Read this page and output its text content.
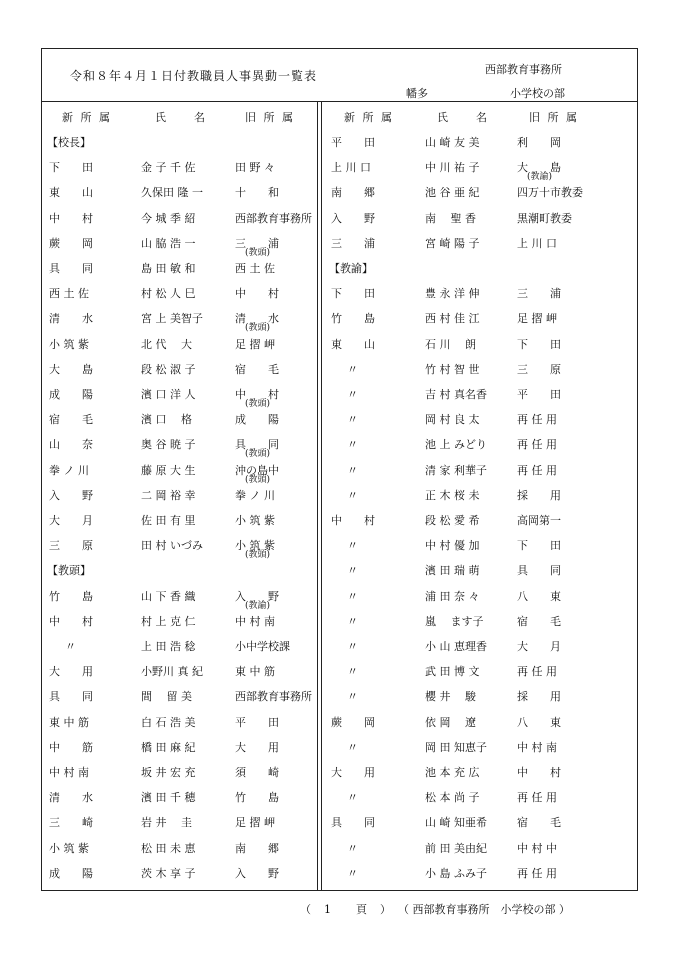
令和８年４月１日付教職員人事異動一覧表	西部教育事務所
幡多	小学校の部
新 所 属	氏　　名	旧 所 属	新 所 属	氏　　名	旧 所 属
【校長】
下　　田	金 子 千 佐	田 野 々
東　　山	久保田 隆 一	十　　和
中　　村	今 城 季 紹	西部教育事務所
蕨　　岡	山 脇 浩 一	三　　浦
(教頭)
具　　同	島 田 敏 和	西 土 佐
西 土 佐	村 松 人 巳	中　　村
清　　水	宮 上 美智子	清　　水
(教頭)
小 筑 紫	北 代　 大	足 摺 岬
大　　島	段 松 淑 子	宿　　毛
成　　陽	濱 口 洋 人	中　　村
(教頭)
宿　　毛	濱 口　 格	成　　陽
山　　奈	奥 谷 暁 子	具　　同
(教頭)
拳 ノ 川	藤 原 大 生	沖の島中
(教頭)
入　　野	二 岡 裕 幸	拳 ノ 川
大　　月	佐 田 有 里	小 筑 紫
三　　原	田 村 いづみ	小 筑 紫
(教頭)
【教頭】
竹　　島	山 下 香 織	入　　野
(教諭)
中　　村	村 上 克 仁	中 村 南
〃	上 田 浩 稔	小中学校課
大　　用	小野川 真 紀	東 中 筋
具　　同	間　 留 美	西部教育事務所
東 中 筋	白 石 浩 美	平　　田
中　　筋	橋 田 麻 紀	大　　用
中 村 南	坂 井 宏 充	須　　崎
清　　水	濱 田 千 穂	竹　　島
三　　崎	岩 井　 圭	足 摺 岬
小 筑 紫	松 田 未 恵	南　　郷
成　　陽	茨 木 享 子	入　　野
平　　田	山 崎 友 美	利　　岡
上 川 口	中 川 祐 子	大　　島
(教諭)
南　　郷	池 谷 亜 紀	四万十市教委
入　　野	南　 聖 香	黒潮町教委
三　　浦	宮 崎 陽 子	上 川 口
【教諭】
下　　田	豊 永 洋 伸	三　　浦
竹　　島	西 村 佳 江	足 摺 岬
東　　山	石 川　 朗	下　　田
〃	竹 村 智 世	三　　原
〃	吉 村 真名香	平　　田
〃	岡 村 良 太	再 任 用
〃	池 上 みどり	再 任 用
〃	清 家 利華子	再 任 用
〃	正 木 桜 未	採　　用
中　　村	段 松 愛 希	高岡第一
〃	中 村 優 加	下　　田
〃	濱 田 瑞 萌	具　　同
〃	浦 田 奈 々	八　　東
〃	嵐　 ます子	宿　　毛
〃	小 山 恵理香	大　　月
〃	武 田 博 文	再 任 用
〃	櫻 井　 駿	採　　用
蕨　　岡	依 岡　 遼	八　　東
〃	岡 田 知恵子	中 村 南
大　　用	池 本 充 広	中　　村
〃	松 本 尚 子	再 任 用
具　　同	山 崎 知亜希	宿　　毛
〃	前 田 美由紀	中 村 中
〃	小 島 ふみ子	再 任 用
（　1　　頁　） （ 西部教育事務所　小学校の部 ）
